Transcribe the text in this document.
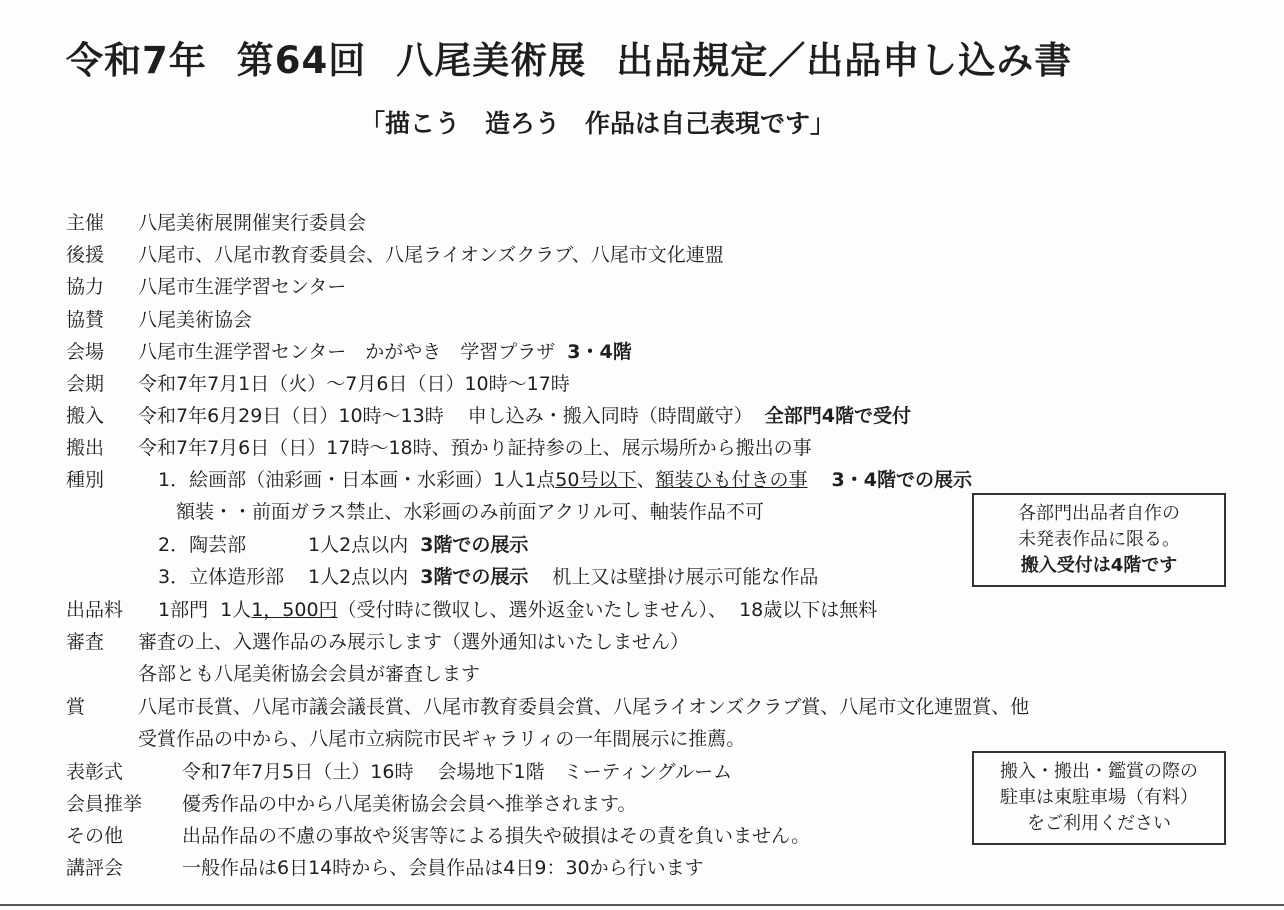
令和7年 第64回 八尾美術展 出品規定／出品申し込み書
「描こう　造ろう　作品は自己表現です」
主催 八尾美術展開催実行委員会
後援 八尾市、八尾市教育委員会、八尾ライオンズクラブ、八尾市文化連盟
協力 八尾市生涯学習センター
協賛 八尾美術協会
会場 八尾市生涯学習センター　かがやき　学習プラザ 3・4階
会期 令和7年7月1日（火）～7月6日（日）10時～17時
搬入 令和7年6月29日（日）10時～13時 申し込み・搬入同時（時間厳守） 全部門4階で受付
搬出 令和7年7月6日（日）17時～18時、預かり証持参の上、展示場所から搬出の事
種別	1．絵画部（油彩画・日本画・水彩画）1人1点50号以下、額装ひも付きの事 3・4階での展示
額装・・前面ガラス禁止、水彩画のみ前面アクリル可、軸装作品不可
2．陶芸部	1人2点以内 3階での展示
3．立体造形部 1人2点以内 3階での展示 机上又は壁掛け展示可能な作品
出品料 1部門 1人1，500円（受付時に徴収し、選外返金いたしません）、 18歳以下は無料
審査 審査の上、入選作品のみ展示します（選外通知はいたしません）
各部とも八尾美術協会会員が審査します
賞	八尾市長賞、八尾市議会議長賞、八尾市教育委員会賞、八尾ライオンズクラブ賞、八尾市文化連盟賞、他
受賞作品の中から、八尾市立病院市民ギャラリィの一年間展示に推薦。
表彰式	令和7年7月5日（土）16時 会場地下1階　ミーティングルーム
会員推挙 優秀作品の中から八尾美術協会会員へ推挙されます。
その他	出品作品の不慮の事故や災害等による損失や破損はその責を負いません。
講評会	一般作品は6日14時から、会員作品は4日9：30から行います
各部門出品者自作の
未発表作品に限る。
搬入受付は4階です
搬入・搬出・鑑賞の際の
駐車は東駐車場（有料）
をご利用ください
